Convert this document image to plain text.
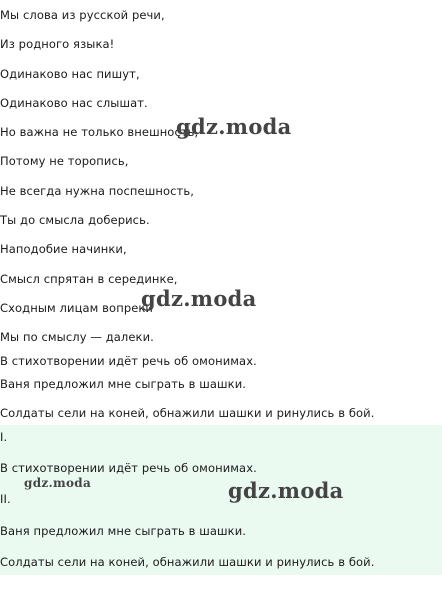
Мы слова из русской речи,
Из родного языка!
Одинаково нас пишут,
Одинаково нас слышат.
Но важна не только внешность,
Потому не торопись,
Не всегда нужна поспешность,
Ты до смысла доберись.
Наподобие начинки,
Смысл спрятан в серединке,
Сходным лицам вопреки
Мы по смыслу — далеки.
В стихотворении идёт речь об омонимах.
Ваня предложил мне сыграть в шашки.
Солдаты сели на коней, обнажили шашки и ринулись в бой.
I.
В стихотворении идёт речь об омонимах.
II.
Ваня предложил мне сыграть в шашки.
Солдаты сели на коней, обнажили шашки и ринулись в бой.
gdz.moda
gdz.moda
gdz.moda	gdz.moda
